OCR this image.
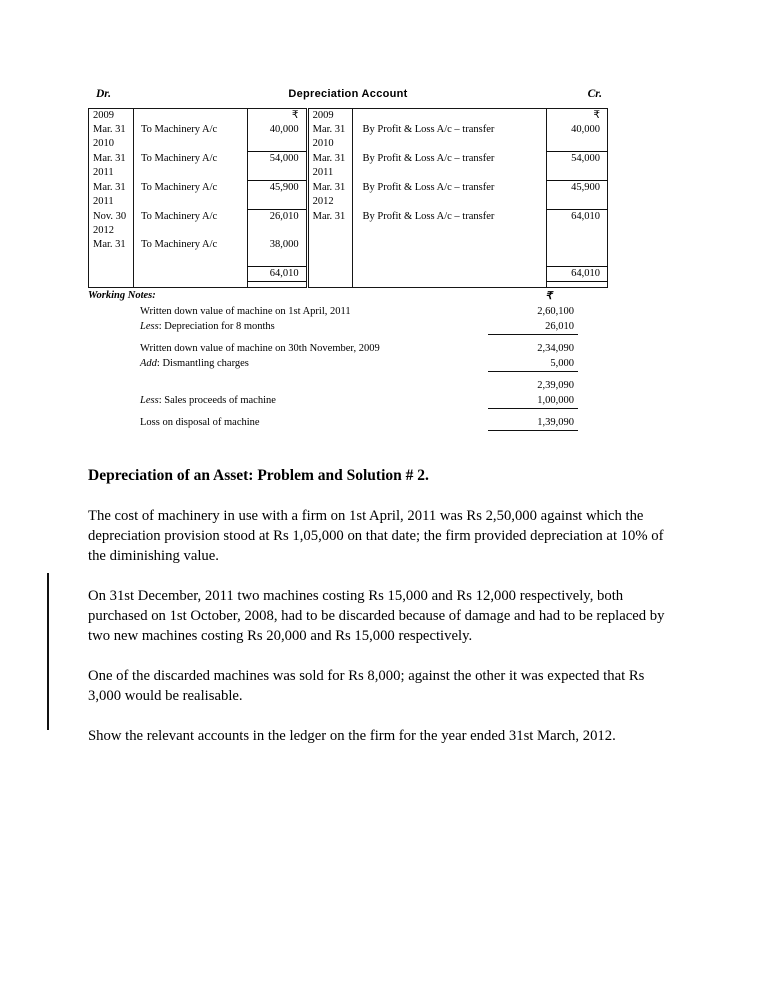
Dr.	Depreciation Account	Cr.
2009		₹	2009		₹
Mar. 31	To Machinery A/c	40,000	Mar. 31	By Profit & Loss A/c – transfer	40,000
2010			2010		
Mar. 31	To Machinery A/c	54,000	Mar. 31	By Profit & Loss A/c – transfer	54,000
2011			2011		
Mar. 31	To Machinery A/c	45,900	Mar. 31	By Profit & Loss A/c – transfer	45,900
2011			2012		
Nov. 30	To Machinery A/c	26,010	Mar. 31	By Profit & Loss A/c – transfer	64,010
2012					
Mar. 31	To Machinery A/c	38,000			

		64,010			64,010

Working Notes:	₹
Written down value of machine on 1st April, 2011	2,60,100
Less: Depreciation for 8 months	26,010
Written down value of machine on 30th November, 2009	2,34,090
Add: Dismantling charges	5,000
2,39,090
Less: Sales proceeds of machine	1,00,000
Loss on disposal of machine	1,39,090
Depreciation of an Asset: Problem and Solution # 2.

The cost of machinery in use with a firm on 1st April, 2011 was Rs 2,50,000 against which the depreciation provision stood at Rs 1,05,000 on that date; the firm provided depreciation at 10% of the diminishing value.

On 31st December, 2011 two machines costing Rs 15,000 and Rs 12,000 respectively, both purchased on 1st October, 2008, had to be discarded because of damage and had to be replaced by two new machines costing Rs 20,000 and Rs 15,000 respectively.

One of the discarded machines was sold for Rs 8,000; against the other it was expected that Rs 3,000 would be realisable.

Show the relevant accounts in the ledger on the firm for the year ended 31st March, 2012.
